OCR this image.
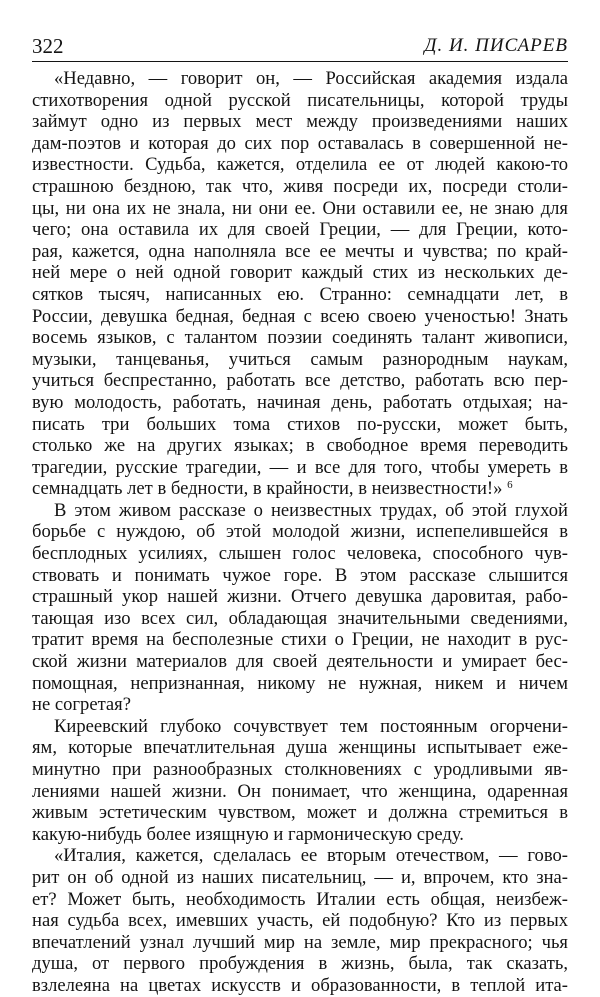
322	Д. И. ПИСАРЕВ
«Недавно, — говорит он, — Российская академия издала
стихотворения одной русской писательницы, которой труды
займут одно из первых мест между произведениями наших
дам-поэтов и которая до сих пор оставалась в совершенной не-
известности. Судьба, кажется, отделила ее от людей какою-то
страшною бездною, так что, живя посреди их, посреди столи-
цы, ни она их не знала, ни они ее. Они оставили ее, не знаю для
чего; она оставила их для своей Греции, — для Греции, кото-
рая, кажется, одна наполняла все ее мечты и чувства; по край-
ней мере о ней одной говорит каждый стих из нескольких де-
сятков тысяч, написанных ею. Странно: семнадцати лет, в
России, девушка бедная, бедная с всею своею ученостью! Знать
восемь языков, с талантом поэзии соединять талант живописи,
музыки, танцеванья, учиться самым разнородным наукам,
учиться беспрестанно, работать все детство, работать всю пер-
вую молодость, работать, начиная день, работать отдыхая; на-
писать три больших тома стихов по-русски, может быть,
столько же на других языках; в свободное время переводить
трагедии, русские трагедии, — и все для того, чтобы умереть в
семнадцать лет в бедности, в крайности, в неизвестности!» $^6$
В этом живом рассказе о неизвестных трудах, об этой глухой
борьбе с нуждою, об этой молодой жизни, испепелившейся в
бесплодных усилиях, слышен голос человека, способного чув-
ствовать и понимать чужое горе. В этом рассказе слышится
страшный укор нашей жизни. Отчего девушка даровитая, рабо-
тающая изо всех сил, обладающая значительными сведениями,
тратит время на бесполезные стихи о Греции, не находит в рус-
ской жизни материалов для своей деятельности и умирает бес-
помощная, непризнанная, никому не нужная, никем и ничем
не согретая?
Киреевский глубоко сочувствует тем постоянным огорчени-
ям, которые впечатлительная душа женщины испытывает еже-
минутно при разнообразных столкновениях с уродливыми яв-
лениями нашей жизни. Он понимает, что женщина, одаренная
живым эстетическим чувством, может и должна стремиться в
какую-нибудь более изящную и гармоническую среду.
«Италия, кажется, сделалась ее вторым отечеством, — гово-
рит он об одной из наших писательниц, — и, впрочем, кто зна-
ет? Может быть, необходимость Италии есть общая, неизбеж-
ная судьба всех, имевших участь, ей подобную? Кто из первых
впечатлений узнал лучший мир на земле, мир прекрасного; чья
душа, от первого пробуждения в жизнь, была, так сказать,
взлелеяна на цветах искусств и образованности, в теплой ита-
